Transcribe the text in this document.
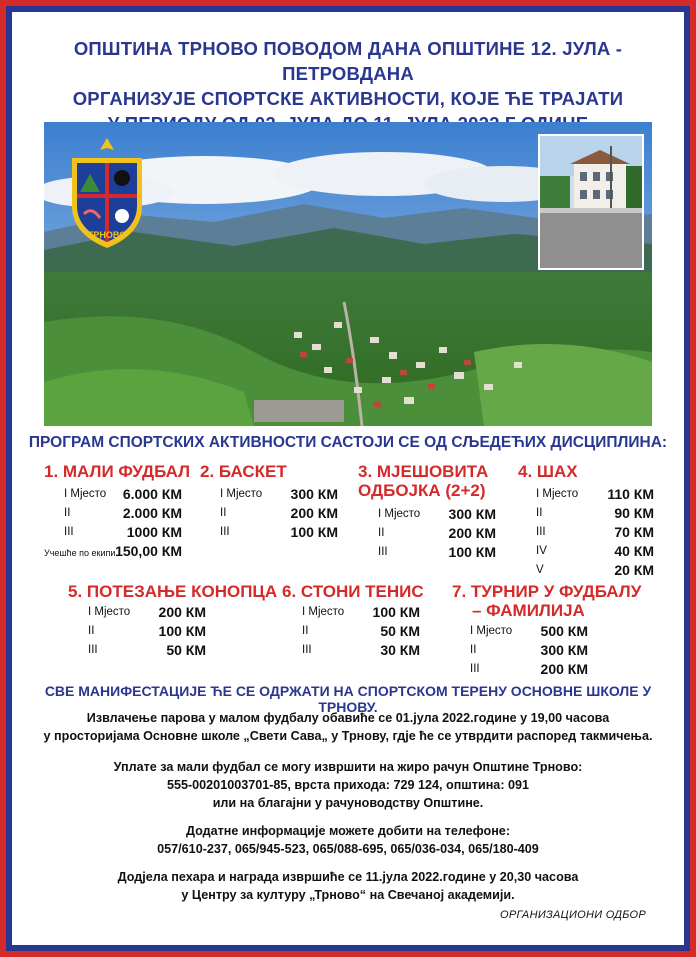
ОПШТИНА ТРНОВО ПОВОДОМ ДАНА ОПШТИНЕ 12. ЈУЛА - ПЕТРОВДАНА
ОРГАНИЗУЈЕ СПОРТСКЕ АКТИВНОСТИ, КОЈЕ ЋЕ ТРАЈАТИ
ТРНОВО
ПРОГРАМ СПОРТСКИХ АКТИВНОСТИ САСТОЈИ СЕ ОД СЉЕДЕЋИХ ДИСЦИПЛИНА:
1. МАЛИ ФУДБАЛ
I Мјесто 6.000 КМ
II	2.000 КМ
III	1000 КМ
Учешће по екипи 150,00 КМ
2. БАСКЕТ
I Мјесто 300 КМ
II	200 КМ
III	100 КМ
3. МЈЕШОВИТА
ОДБОЈКА (2+2)
I Мјесто 300 КМ
II	200 КМ
III	100 КМ
4. ШАХ
I Мјесто 110 КМ
II	90 КМ
III	70 КМ
IV	40 КМ
V	20 КМ
5. ПОТЕЗАЊЕ КОНОПЦА
I Мјесто 200 КМ
II	100 КМ
III	50 КМ
6. СТОНИ ТЕНИС
I Мјесто 100 КМ
II	50 КМ
III	30 КМ
7. ТУРНИР У ФУДБАЛУ
– ФАМИЛИЈА
I Мјесто 500 КМ
II	300 КМ
III	200 КМ
СВЕ МАНИФЕСТАЦИЈЕ ЋЕ СЕ ОДРЖАТИ НА СПОРТСКОМ ТЕРЕНУ ОСНОВНЕ ШКОЛЕ У ТРНОВУ.
Извлачење парова у малом фудбалу обавиће се 01.јула 2022.године у 19,00 часова
у просторијама Основне школе „Свети Сава„ у Трнову, гдје ће се утврдити распоред такмичења.
Уплате за мали фудбал се могу извршити на жиро рачун Општине Трново:
555-00201003701-85, врста прихода: 729 124, општина: 091
или на благајни у рачуноводству Општине.
Додатне информације можете добити на телефоне:
057/610-237, 065/945-523, 065/088-695, 065/036-034, 065/180-409
Додјела пехара и награда извршиће се 11.јула 2022.године у 20,30 часова
у Центру за културу „Трново“ на Свечаној академији.
ОРГАНИЗАЦИОНИ ОДБОР
